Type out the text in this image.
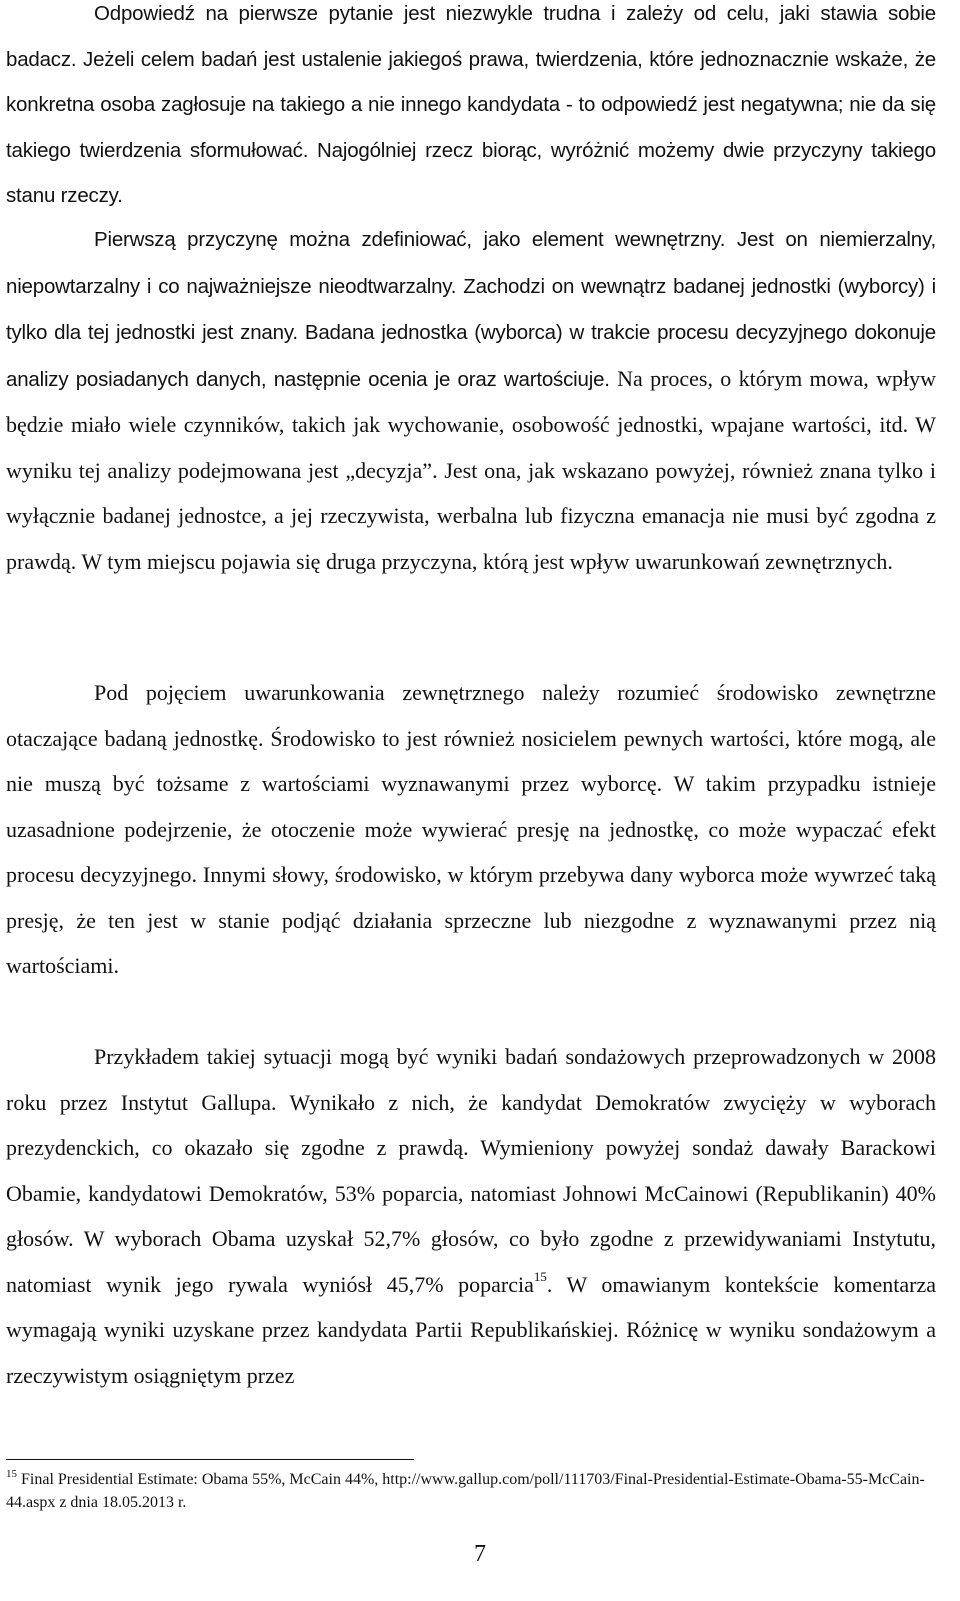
Odpowiedź na pierwsze pytanie jest niezwykle trudna i zależy od celu, jaki stawia sobie badacz. Jeżeli celem badań jest ustalenie jakiegoś prawa, twierdzenia, które jednoznacznie wskaże, że konkretna osoba zagłosuje na takiego a nie innego kandydata - to odpowiedź jest negatywna; nie da się takiego twierdzenia sformułować. Najogólniej rzecz biorąc, wyróżnić możemy dwie przyczyny takiego stanu rzeczy.

Pierwszą przyczynę można zdefiniować, jako element wewnętrzny. Jest on niemierzalny, niepowtarzalny i co najważniejsze nieodtwarzalny. Zachodzi on wewnątrz badanej jednostki (wyborcy) i tylko dla tej jednostki jest znany. Badana jednostka (wyborca) w trakcie procesu decyzyjnego dokonuje analizy posiadanych danych, następnie ocenia je oraz wartościuje. Na proces, o którym mowa, wpływ będzie miało wiele czynników, takich jak wychowanie, osobowość jednostki, wpajane wartości, itd. W wyniku tej analizy podejmowana jest „decyzja”. Jest ona, jak wskazano powyżej, również znana tylko i wyłącznie badanej jednostce, a jej rzeczywista, werbalna lub fizyczna emanacja nie musi być zgodna z prawdą. W tym miejscu pojawia się druga przyczyna, którą jest wpływ uwarunkowań zewnętrznych.

Pod pojęciem uwarunkowania zewnętrznego należy rozumieć środowisko zewnętrzne otaczające badaną jednostkę. Środowisko to jest również nosicielem pewnych wartości, które mogą, ale nie muszą być tożsame z wartościami wyznawanymi przez wyborcę. W takim przypadku istnieje uzasadnione podejrzenie, że otoczenie może wywierać presję na jednostkę, co może wypaczać efekt procesu decyzyjnego. Innymi słowy, środowisko, w którym przebywa dany wyborca może wywrzeć taką presję, że ten jest w stanie podjąć działania sprzeczne lub niezgodne z wyznawanymi przez nią wartościami.

Przykładem takiej sytuacji mogą być wyniki badań sondażowych przeprowadzonych w 2008 roku przez Instytut Gallupa. Wynikało z nich, że kandydat Demokratów zwycięży w wyborach prezydenckich, co okazało się zgodne z prawdą. Wymieniony powyżej sondaż dawały Barackowi Obamie, kandydatowi Demokratów, 53% poparcia, natomiast Johnowi McCainowi (Republikanin) 40% głosów. W wyborach Obama uzyskał 52,7% głosów, co było zgodne z przewidywaniami Instytutu, natomiast wynik jego rywala wyniósł 45,7% poparcia$^{15}$. W omawianym kontekście komentarza wymagają wyniki uzyskane przez kandydata Partii Republikańskiej. Różnicę w wyniku sondażowym a rzeczywistym osiągniętym przez

$^{15}$ Final Presidential Estimate: Obama 55%, McCain 44%, http://www.gallup.com/poll/111703/Final-Presidential-Estimate-Obama-55-McCain-44.aspx z dnia 18.05.2013 r.

7
